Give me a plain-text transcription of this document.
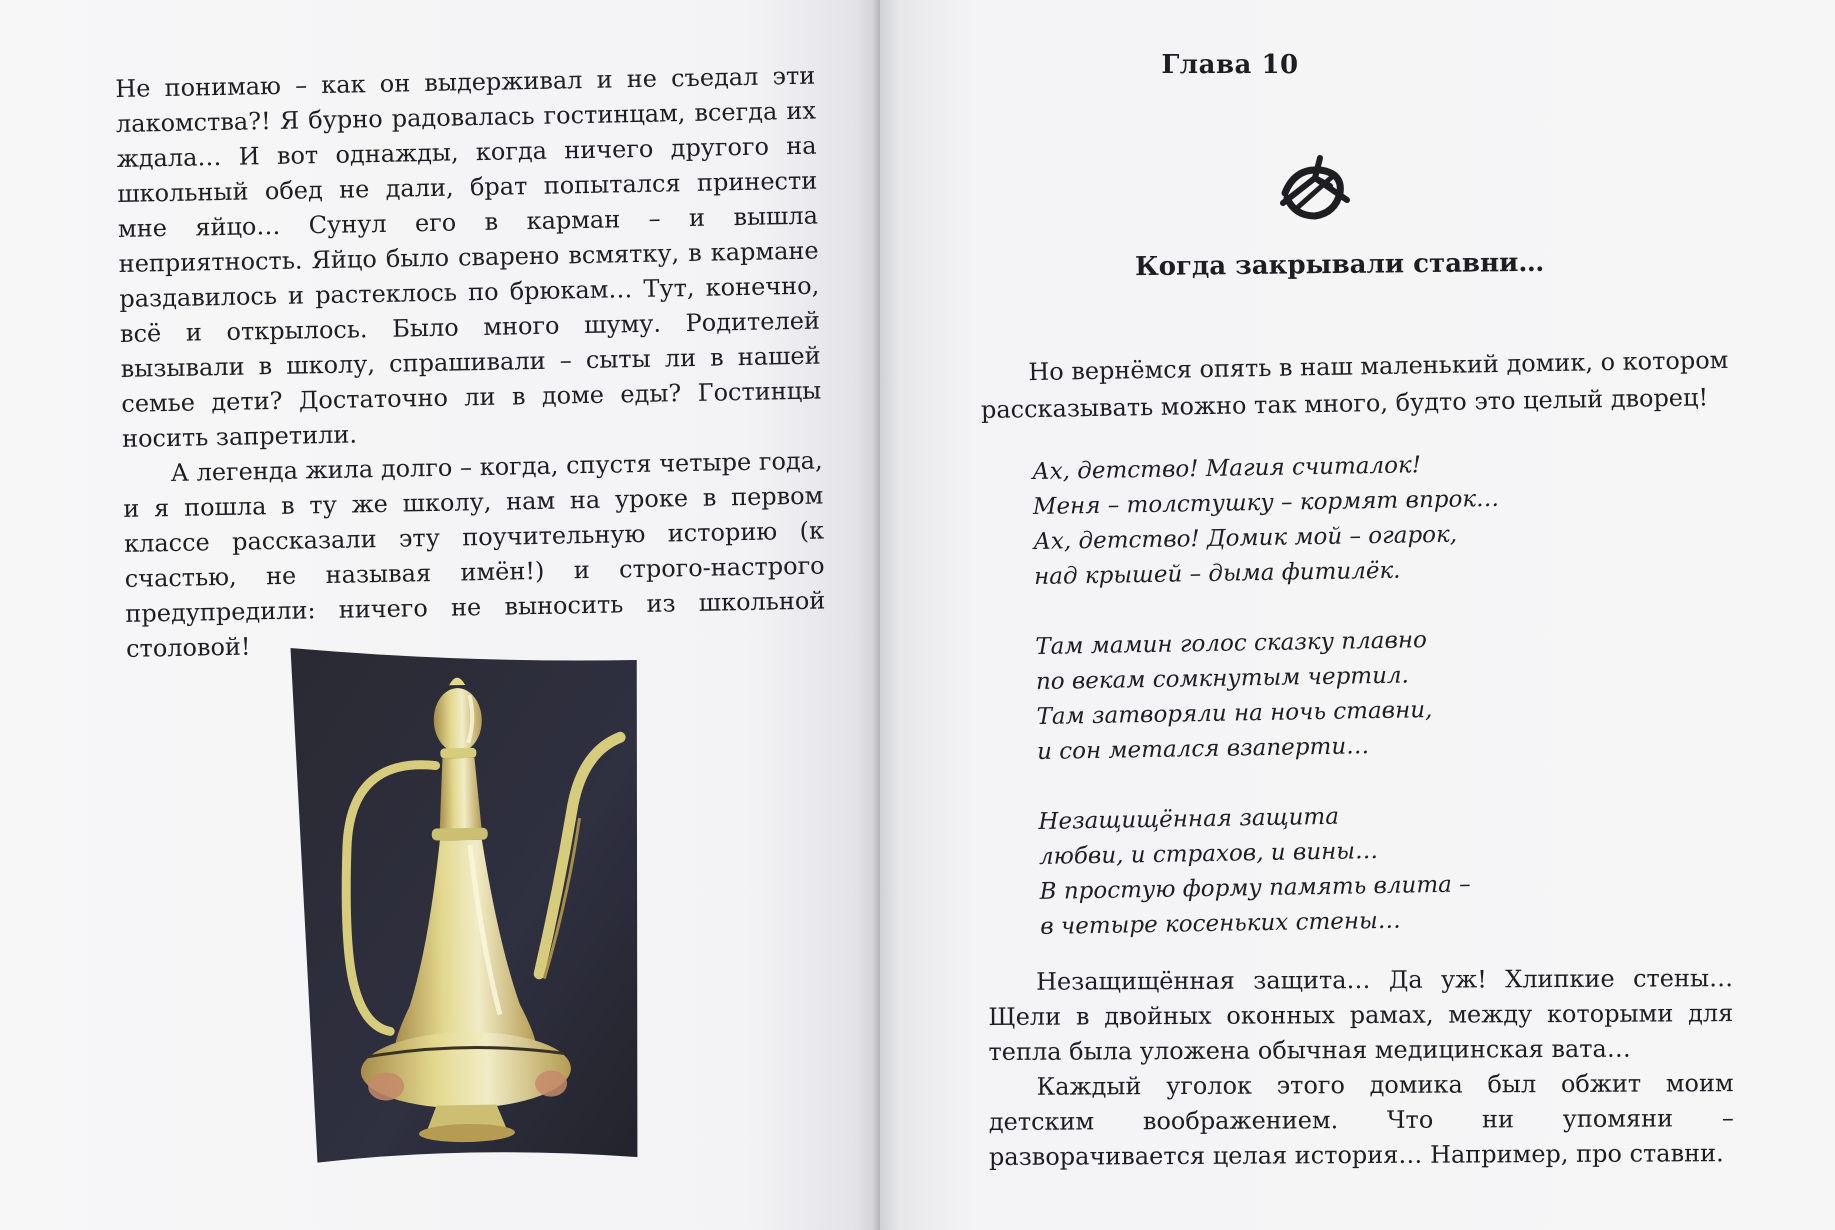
Не понимаю – как он выдерживал и не съедал эти лакомства?! Я бурно радовалась гостинцам, всегда их ждала… И вот однажды, когда ничего другого на школьный обед не дали, брат попытался принести мне яйцо… Сунул его в карман – и вышла неприятность. Яйцо было сварено всмятку, в кармане раздавилось и растеклось по брюкам… Тут, конечно, всё и открылось. Было много шуму. Родителей вызывали в школу, спрашивали – сыты ли в нашей семье дети? Достаточно ли в доме еды? Гостинцы носить запретили.

А легенда жила долго – когда, спустя четыре года, и я пошла в ту же школу, нам на уроке в первом классе рассказали эту поучительную историю (к счастью, не называя имён!) и строго-настрого предупредили: ничего не выносить из школьной столовой!

Глава 10
Когда закрывали ставни…

Но вернёмся опять в наш маленький домик, о котором

рассказывать можно так много, будто это целый дворец!

Ах, детство! Магия считалок!
Меня – толстушку – кормят впрок…
Ах, детство! Домик мой – огарок,
над крышей – дыма фитилёк.
Там мамин голос сказку плавно
по векам сомкнутым чертил.
Там затворяли на ночь ставни,
и сон метался взаперти…
Незащищённая защита
любви, и страхов, и вины…
В простую форму память влита –
в четыре косеньких стены…

Незащищённая защита… Да уж! Хлипкие стены… Щели в двойных оконных рамах, между которыми для тепла была уложена обычная медицинская вата…

Каждый уголок этого домика был обжит моим детским воображением. Что ни упомяни – разворачивается целая история… Например, про ставни.
